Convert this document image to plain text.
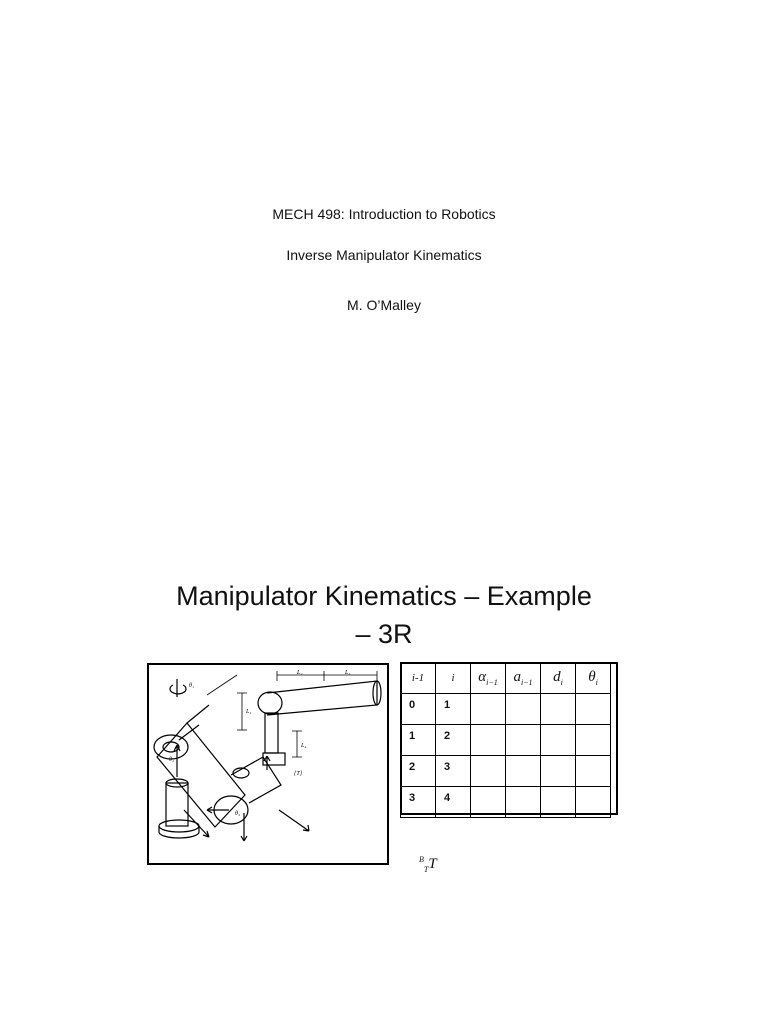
MECH 498: Introduction to Robotics
Inverse Manipulator Kinematics
M. O’Malley
Manipulator Kinematics – Example
– 3R
L₂	L₃
L₁
L₄
{T}
θ₁
θ₂
θ₃
i-1	i	$\alpha_{i-1}$	$a_{i-1}$	$d_i$	$\theta_i$
0	1				
1	2				
2	3				
3	4				
$^B_T$T
